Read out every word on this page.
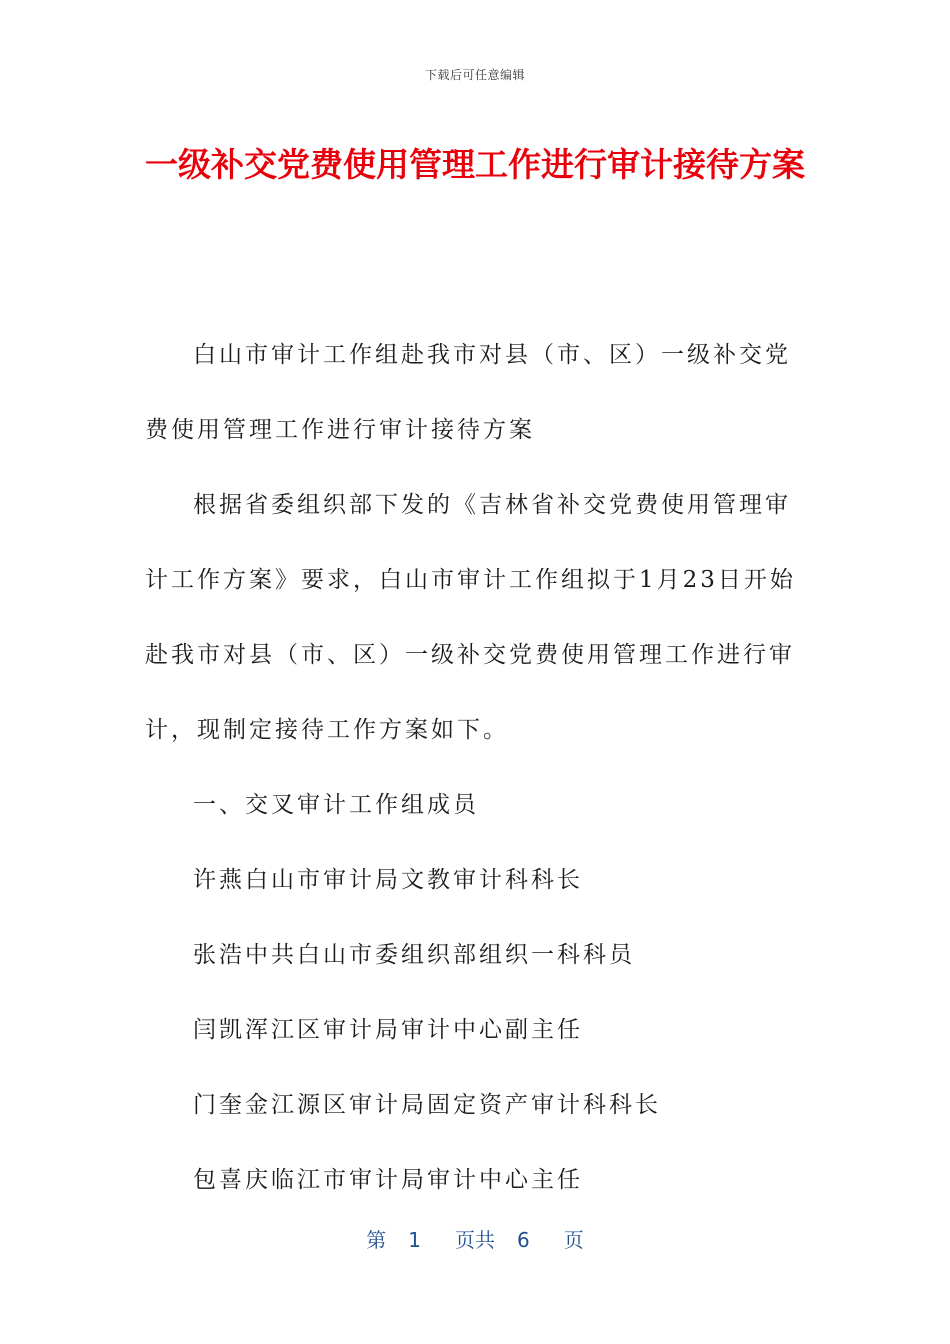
下载后可任意编辑
一级补交党费使用管理工作进行审计接待方案

白山市审计工作组赴我市对县（市、区）一级补交党费使用管理工作进行审计接待方案

根据省委组织部下发的《吉林省补交党费使用管理审计工作方案》要求，白山市审计工作组拟于1月23日开始赴我市对县（市、区）一级补交党费使用管理工作进行审计，现制定接待工作方案如下。

一、交叉审计工作组成员

许燕白山市审计局文教审计科科长

张浩中共白山市委组织部组织一科科员

闫凯浑江区审计局审计中心副主任

门奎金江源区审计局固定资产审计科科长

包喜庆临江市审计局审计中心主任

第 1 页共 6 页
